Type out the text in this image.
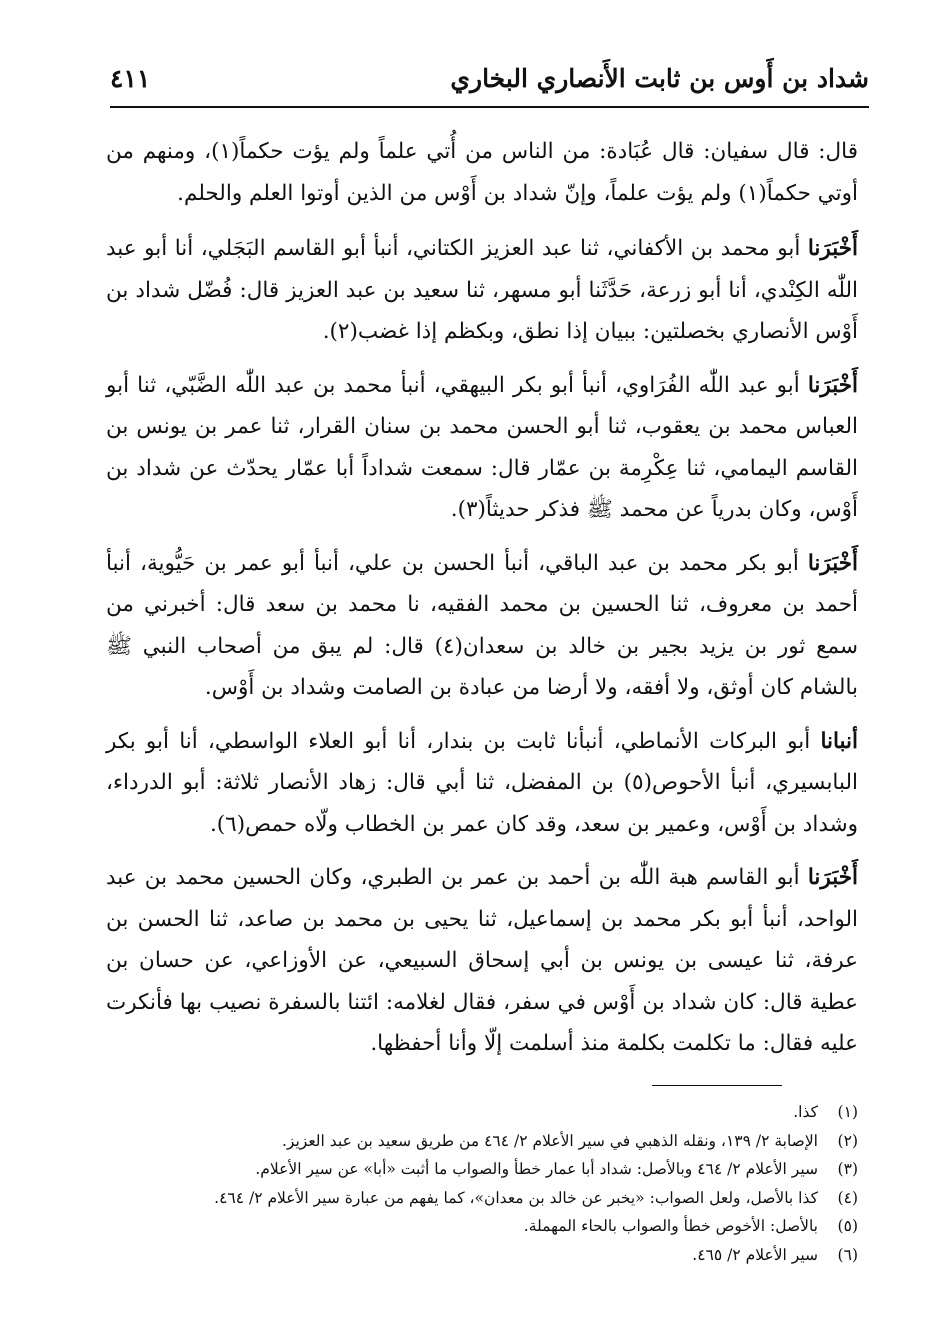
شداد بن أَوس بن ثابت الأَنصاري البخاري
٤١١

قال: قال سفيان: قال عُبَادة: من الناس من أُتي علماً ولم يؤت حكماً(١)، ومنهم من أوتي حكماً(١) ولم يؤت علماً، وإنّ شداد بن أَوْس من الذين أوتوا العلم والحلم.

أَخْبَرَنا أبو محمد بن الأكفاني، ثنا عبد العزيز الكتاني، أنبأ أبو القاسم البَجَلي، أنا أبو عبد اللّٰه الكِنْدي، أنا أبو زرعة، حَدَّثَنا أبو مسهر، ثنا سعيد بن عبد العزيز قال: فُضّل شداد بن أَوْس الأنصاري بخصلتين: ببيان إذا نطق، وبكظم إذا غضب(٢).

أَخْبَرَنا أبو عبد اللّٰه الفُرَاوي، أنبأ أبو بكر البيهقي، أنبأ محمد بن عبد اللّٰه الضَّبّي، ثنا أبو العباس محمد بن يعقوب، ثنا أبو الحسن محمد بن سنان القرار، ثنا عمر بن يونس بن القاسم اليمامي، ثنا عِكْرِمة بن عمّار قال: سمعت شداداً أبا عمّار يحدّث عن شداد بن أَوْس، وكان بدرياً عن محمد ﷺ فذكر حديثاً(٣).

أَخْبَرَنا أبو بكر محمد بن عبد الباقي، أنبأ الحسن بن علي، أنبأ أبو عمر بن حَيُّوية، أنبأ أحمد بن معروف، ثنا الحسين بن محمد الفقيه، نا محمد بن سعد قال: أخبرني من سمع ثور بن يزيد بجير بن خالد بن سعدان(٤) قال: لم يبق من أصحاب النبي ﷺ بالشام كان أوثق، ولا أفقه، ولا أرضا من عبادة بن الصامت وشداد بن أَوْس.

أنبانا أبو البركات الأنماطي، أنبأنا ثابت بن بندار، أنا أبو العلاء الواسطي، أنا أبو بكر البابسيري، أنبأ الأحوص(٥) بن المفضل، ثنا أبي قال: زهاد الأنصار ثلاثة: أبو الدرداء، وشداد بن أَوْس، وعمير بن سعد، وقد كان عمر بن الخطاب ولّاه حمص(٦).

أَخْبَرَنا أبو القاسم هبة اللّٰه بن أحمد بن عمر بن الطبري، وكان الحسين محمد بن عبد الواحد، أنبأ أبو بكر محمد بن إسماعيل، ثنا يحيى بن محمد بن صاعد، ثنا الحسن بن عرفة، ثنا عيسى بن يونس بن أبي إسحاق السبيعي، عن الأوزاعي، عن حسان بن عطية قال: كان شداد بن أَوْس في سفر، فقال لغلامه: ائتنا بالسفرة نصيب بها فأنكرت عليه فقال: ما تكلمت بكلمة منذ أسلمت إلّا وأنا أحفظها.

(١)
كذا.
(٢)
الإصابة ٢/ ١٣٩، ونقله الذهبي في سير الأعلام ٢/ ٤٦٤ من طريق سعيد بن عبد العزيز.
(٣)
سير الأعلام ٢/ ٤٦٤ وبالأصل: شداد أبا عمار خطأ والصواب ما أثبت «أبا» عن سير الأعلام.
(٤)
كذا بالأصل، ولعل الصواب: «يخبر عن خالد بن معدان»، كما يفهم من عبارة سير الأعلام ٢/ ٤٦٤.
(٥)
بالأصل: الأخوص خطأ والصواب بالحاء المهملة.
(٦)
سير الأعلام ٢/ ٤٦٥.
